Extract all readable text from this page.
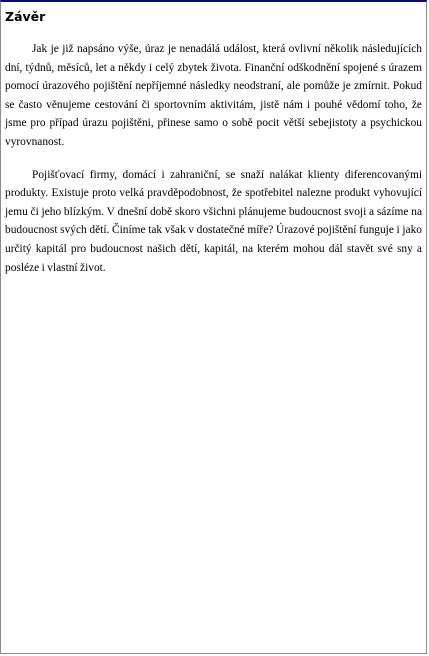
Závěr

Jak je již napsáno výše, úraz je nenadálá událost, která ovlivní několik následujících dní, týdnů, měsíců, let a někdy i celý zbytek života. Finanční odškodnění spojené s úrazem pomocí úrazového pojištění nepříjemné následky neodstraní, ale pomůže je zmírnit. Pokud se často věnujeme cestování či sportovním aktivitám, jistě nám i pouhé vědomí toho, že jsme pro případ úrazu pojištěni, přinese samo o sobě pocit větší sebejistoty a psychickou vyrovnanost.

Pojišťovací firmy, domácí i zahraniční, se snaží nalákat klienty diferencovanými produkty. Existuje proto velká pravděpodobnost, že spotřebitel nalezne produkt vyhovující jemu či jeho blízkým. V dnešní době skoro všichni plánujeme budoucnost svoji a sázíme na budoucnost svých dětí. Činíme tak však v dostatečné míře? Úrazové pojištění funguje i jako určitý kapitál pro budoucnost našich dětí, kapitál, na kterém mohou dál stavět své sny a posléze i vlastní život.
